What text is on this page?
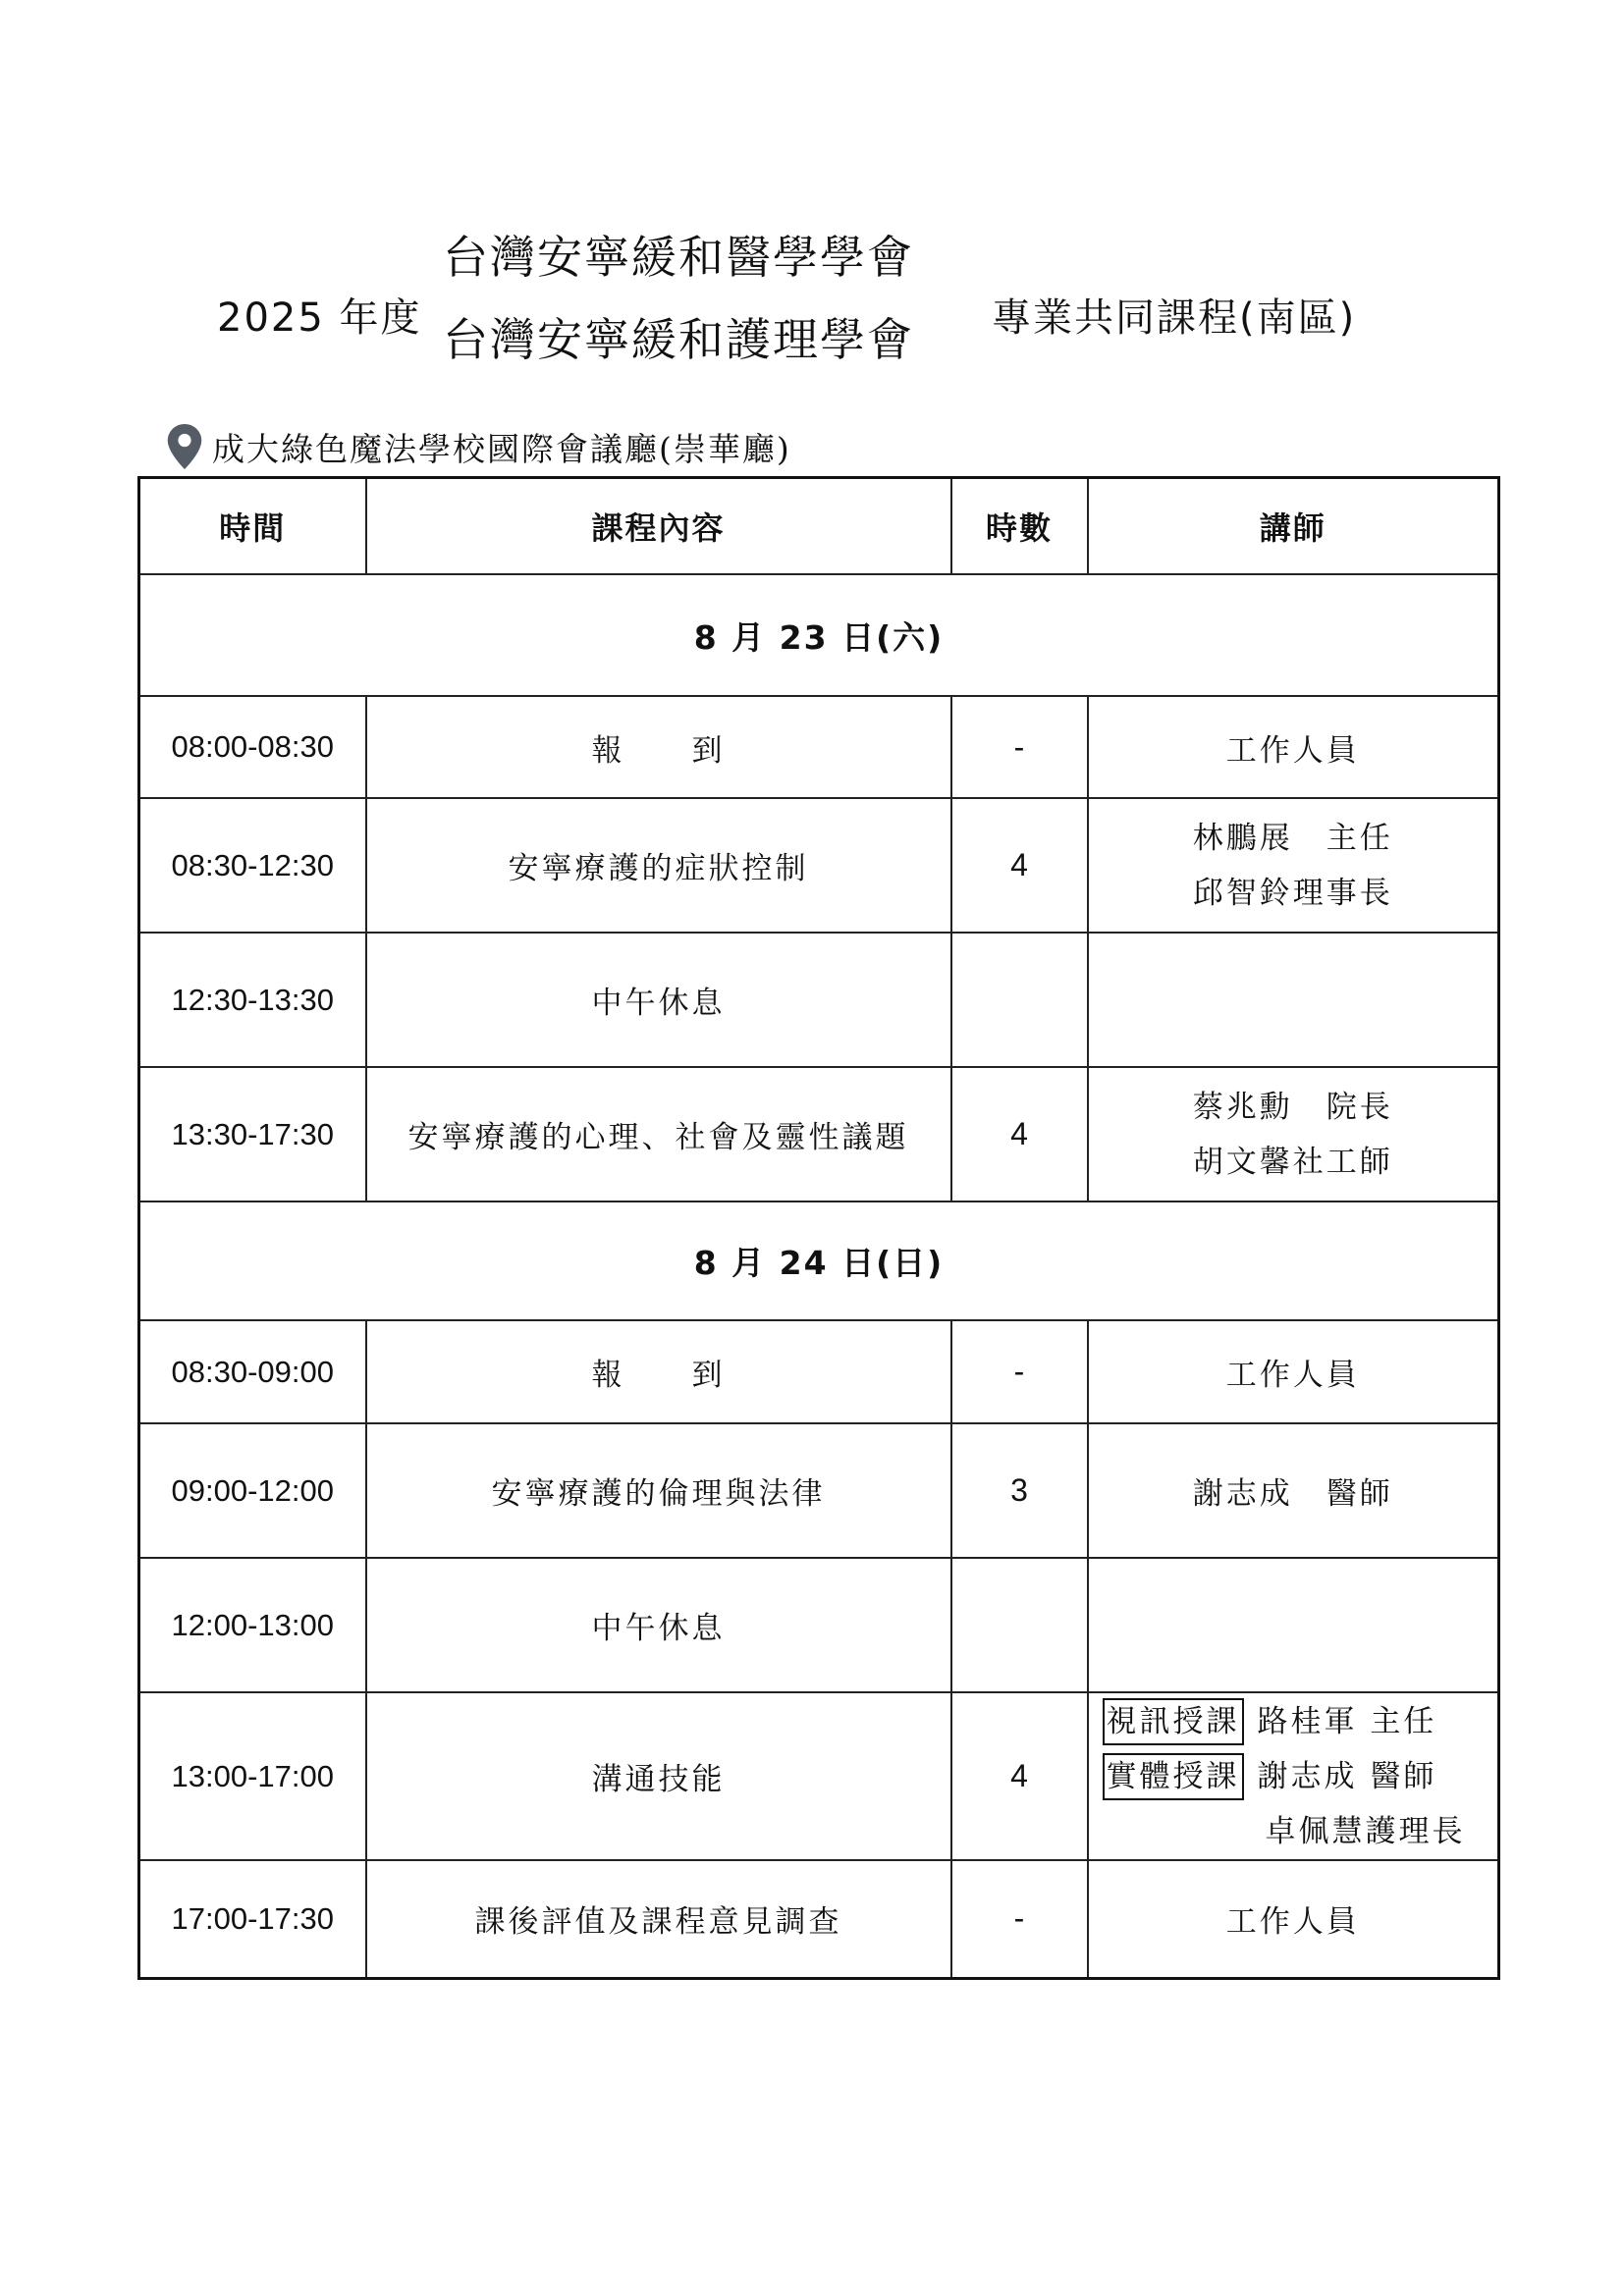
台灣安寧緩和醫學學會
2025 年度 台灣安寧緩和護理學會 專業共同課程(南區)
成大綠色魔法學校國際會議廳(崇華廳)
時間	課程內容	時數	講師
8 月 23 日(六)			
08:00-08:30	報　　到	-	工作人員
08:30-12:30	安寧療護的症狀控制	4	林鵬展　主任
邱智鈴理事長

12:30-13:30	中午休息		
13:30-17:30	安寧療護的心理、社會及靈性議題	4	蔡兆勳　院長
胡文馨社工師

8 月 24 日(日)			
08:30-09:00	報　　到	-	工作人員
09:00-12:00	安寧療護的倫理與法律	3	謝志成　醫師
12:00-13:00	中午休息		
13:00-17:00	溝通技能	4	視訊授課 路桂軍 主任
實體授課 謝志成 醫師
卓佩慧護理長

17:00-17:30	課後評值及課程意見調查	-	工作人員
